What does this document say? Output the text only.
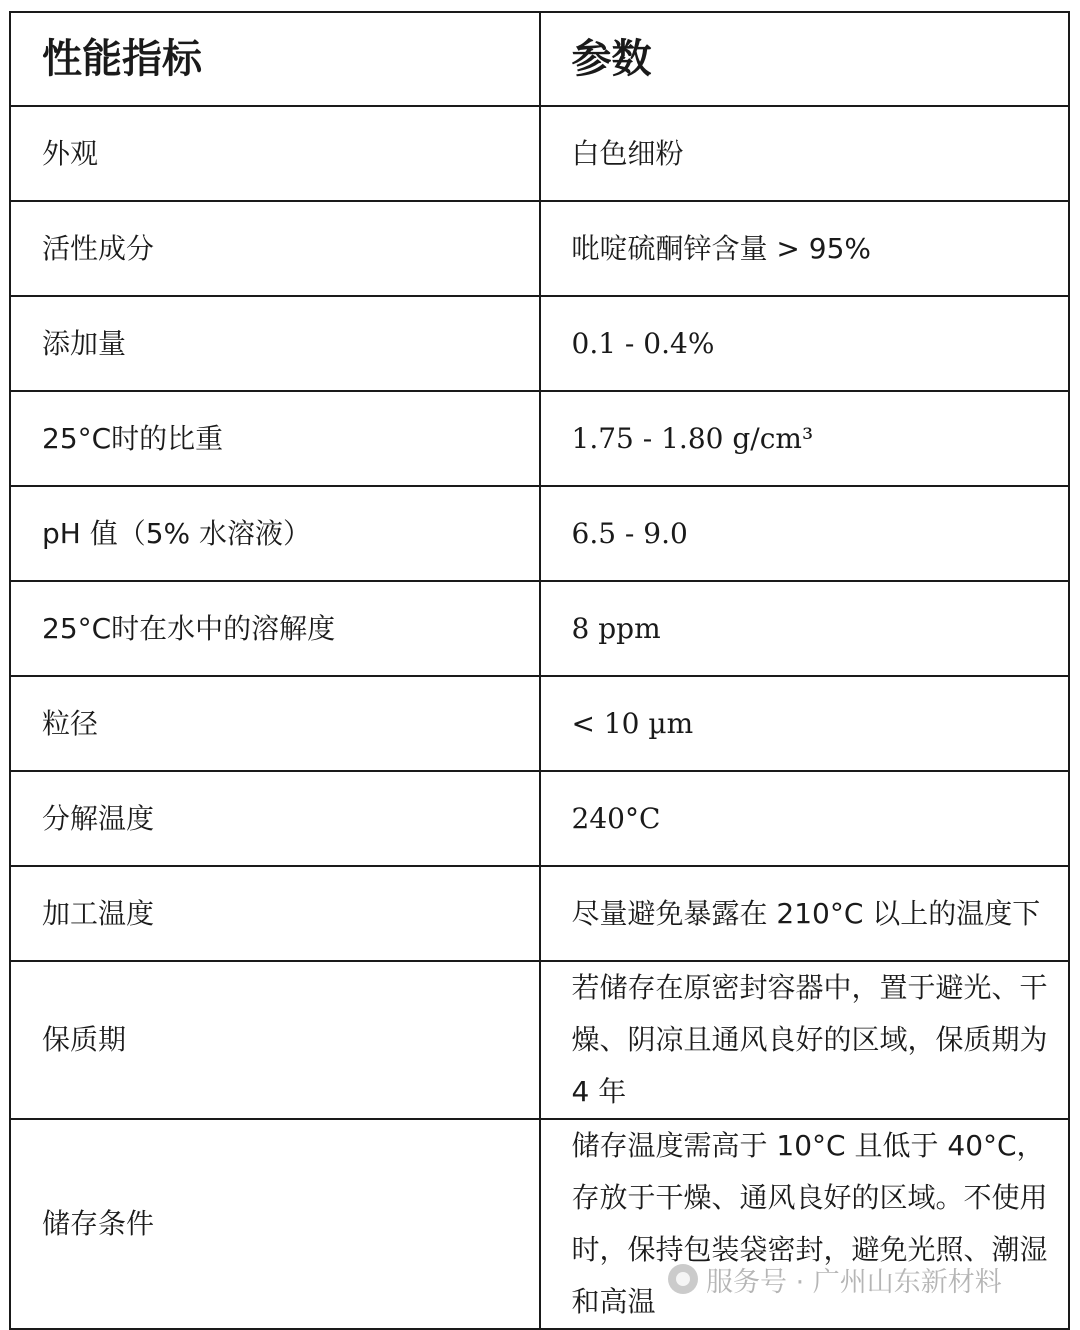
性能指标	参数
外观	白色细粉

活性成分	吡啶硫酮锌含量 > 95%

添加量	0.1 - 0.4%

25°C时的比重	1.75 - 1.80 g/cm³

pH 值（5% 水溶液）	6.5 - 9.0

25°C时在水中的溶解度	8 ppm

粒径	< 10 µm

分解温度	240°C

加工温度	尽量避免暴露在 210°C 以上的温度下

保质期	若储存在原密封容器中，置于避光、干燥、阴凉且通风良好的区域，保质期为 4 年

储存条件	储存温度需高于 10°C 且低于 40°C，存放于干燥、通风良好的区域。不使用时，保持包装袋密封，避免光照、潮湿和高温
服务号 · 广州山东新材料
